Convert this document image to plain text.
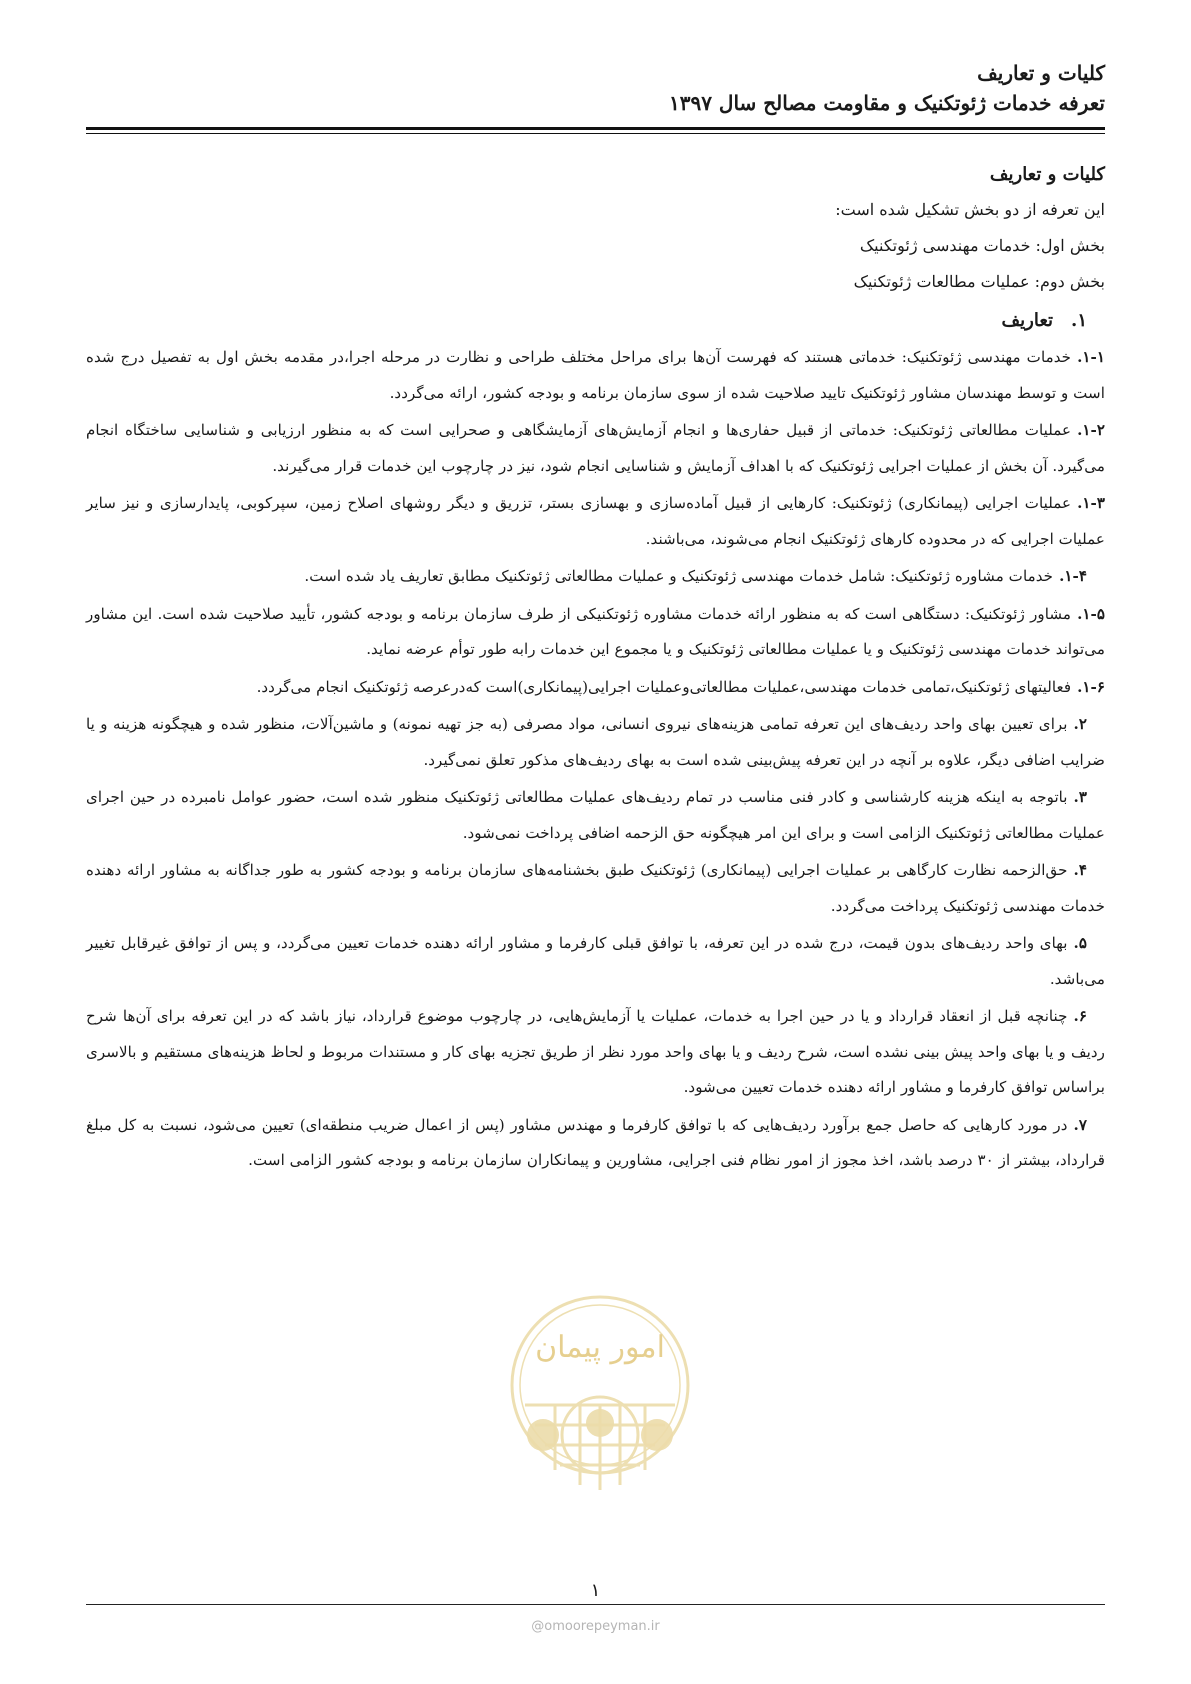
کلیات و تعاریف
تعرفه خدمات ژئوتکنیک و مقاومت مصالح سال ۱۳۹۷
کلیات و تعاریف

این تعرفه از دو بخش تشکیل شده است:

بخش اول: خدمات مهندسی ژئوتکنیک

بخش دوم: عملیات مطالعات ژئوتکنیک

۱.تعاریف

۱-۱.خدمات مهندسی ژئوتکنیک: خدماتی هستند که فهرست آن‌ها برای مراحل مختلف طراحی و نظارت در مرحله اجرا،در مقدمه بخش اول به تفصیل درج شده است و توسط مهندسان مشاور ژئوتکنیک تایید صلاحیت شده از سوی سازمان برنامه و بودجه کشور، ارائه می‌گردد.

۱-۲.عملیات مطالعاتی ژئوتکنیک: خدماتی از قبیل حفاری‌ها و انجام آزمایش‌های آزمایشگاهی و صحرایی است که به منظور ارزیابی و شناسایی ساختگاه انجام می‌گیرد. آن بخش از عملیات اجرایی ژئوتکنیک که با اهداف آزمایش و شناسایی انجام شود، نیز در چارچوب این خدمات قرار می‌گیرند.

۱-۳.عملیات اجرایی (پیمانکاری) ژئوتکنیک: کارهایی از قبیل آماده‌سازی و بهسازی بستر، تزریق و دیگر روشهای اصلاح زمین، سپرکوبی، پایدارسازی و نیز سایر عملیات اجرایی که در محدوده کارهای ژئوتکنیک انجام می‌شوند، می‌باشند.

۱-۴.خدمات مشاوره ژئوتکنیک: شامل خدمات مهندسی ژئوتکنیک و عملیات مطالعاتی ژئوتکنیک مطابق تعاریف یاد شده است.

۱-۵.مشاور ژئوتکنیک: دستگاهی است که به منظور ارائه خدمات مشاوره ژئوتکنیکی از طرف سازمان برنامه و بودجه کشور، تأیید صلاحیت شده است. این مشاور می‌تواند خدمات مهندسی ژئوتکنیک و یا عملیات مطالعاتی ژئوتکنیک و یا مجموع این خدمات رابه طور توأم عرضه نماید.

۱-۶.فعالیتهای ژئوتکنیک،تمامی خدمات مهندسی،عملیات مطالعاتی‌وعملیات اجرایی(پیمانکاری)است که‌درعرصه ژئوتکنیک انجام می‌گردد.

۲.برای تعیین بهای واحد ردیف‌های این تعرفه تمامی هزینه‌های نیروی انسانی، مواد مصرفی (به جز تهیه نمونه) و ماشین‌آلات، منظور شده و هیچگونه هزینه و یا ضرایب اضافی دیگر، علاوه بر آنچه در این تعرفه پیش‌بینی شده است به بهای ردیف‌های مذکور تعلق نمی‌گیرد.

۳.باتوجه به اینکه هزینه کارشناسی و کادر فنی مناسب در تمام ردیف‌های عملیات مطالعاتی ژئوتکنیک منظور شده است، حضور عوامل نامبرده در حین اجرای عملیات مطالعاتی ژئوتکنیک الزامی است و برای این امر هیچگونه حق الزحمه اضافی پرداخت نمی‌شود.

۴.حق‌الزحمه نظارت کارگاهی بر عملیات اجرایی (پیمانکاری) ژئوتکنیک طبق بخشنامه‌های سازمان برنامه و بودجه کشور به طور جداگانه به مشاور ارائه دهنده خدمات مهندسی ژئوتکنیک پرداخت می‌گردد.

۵.بهای واحد ردیف‌های بدون قیمت، درج شده در این تعرفه، با توافق قبلی کارفرما و مشاور ارائه دهنده خدمات تعیین می‌گردد، و پس از توافق غیرقابل تغییر می‌باشد.

۶.چنانچه قبل از انعقاد قرارداد و یا در حین اجرا به خدمات، عملیات یا آزمایش‌هایی، در چارچوب موضوع قرارداد، نیاز باشد که در این تعرفه برای آن‌ها شرح ردیف و یا بهای واحد پیش بینی نشده است، شرح ردیف و یا بهای واحد مورد نظر از طریق تجزیه بهای کار و مستندات مربوط و لحاظ هزینه‌های مستقیم و بالاسری براساس توافق کارفرما و مشاور ارائه دهنده خدمات تعیین می‌شود.

۷.در مورد کارهایی که حاصل جمع برآورد ردیف‌هایی که با توافق کارفرما و مهندس مشاور (پس از اعمال ضریب منطقه‌ای) تعیین می‌شود، نسبت به کل مبلغ قرارداد، بیشتر از ۳۰ درصد باشد، اخذ مجوز از امور نظام فنی اجرایی، مشاورین و پیمانکاران سازمان برنامه و بودجه کشور الزامی است.

امور پیمان
۱
@omoorepeyman.ir
